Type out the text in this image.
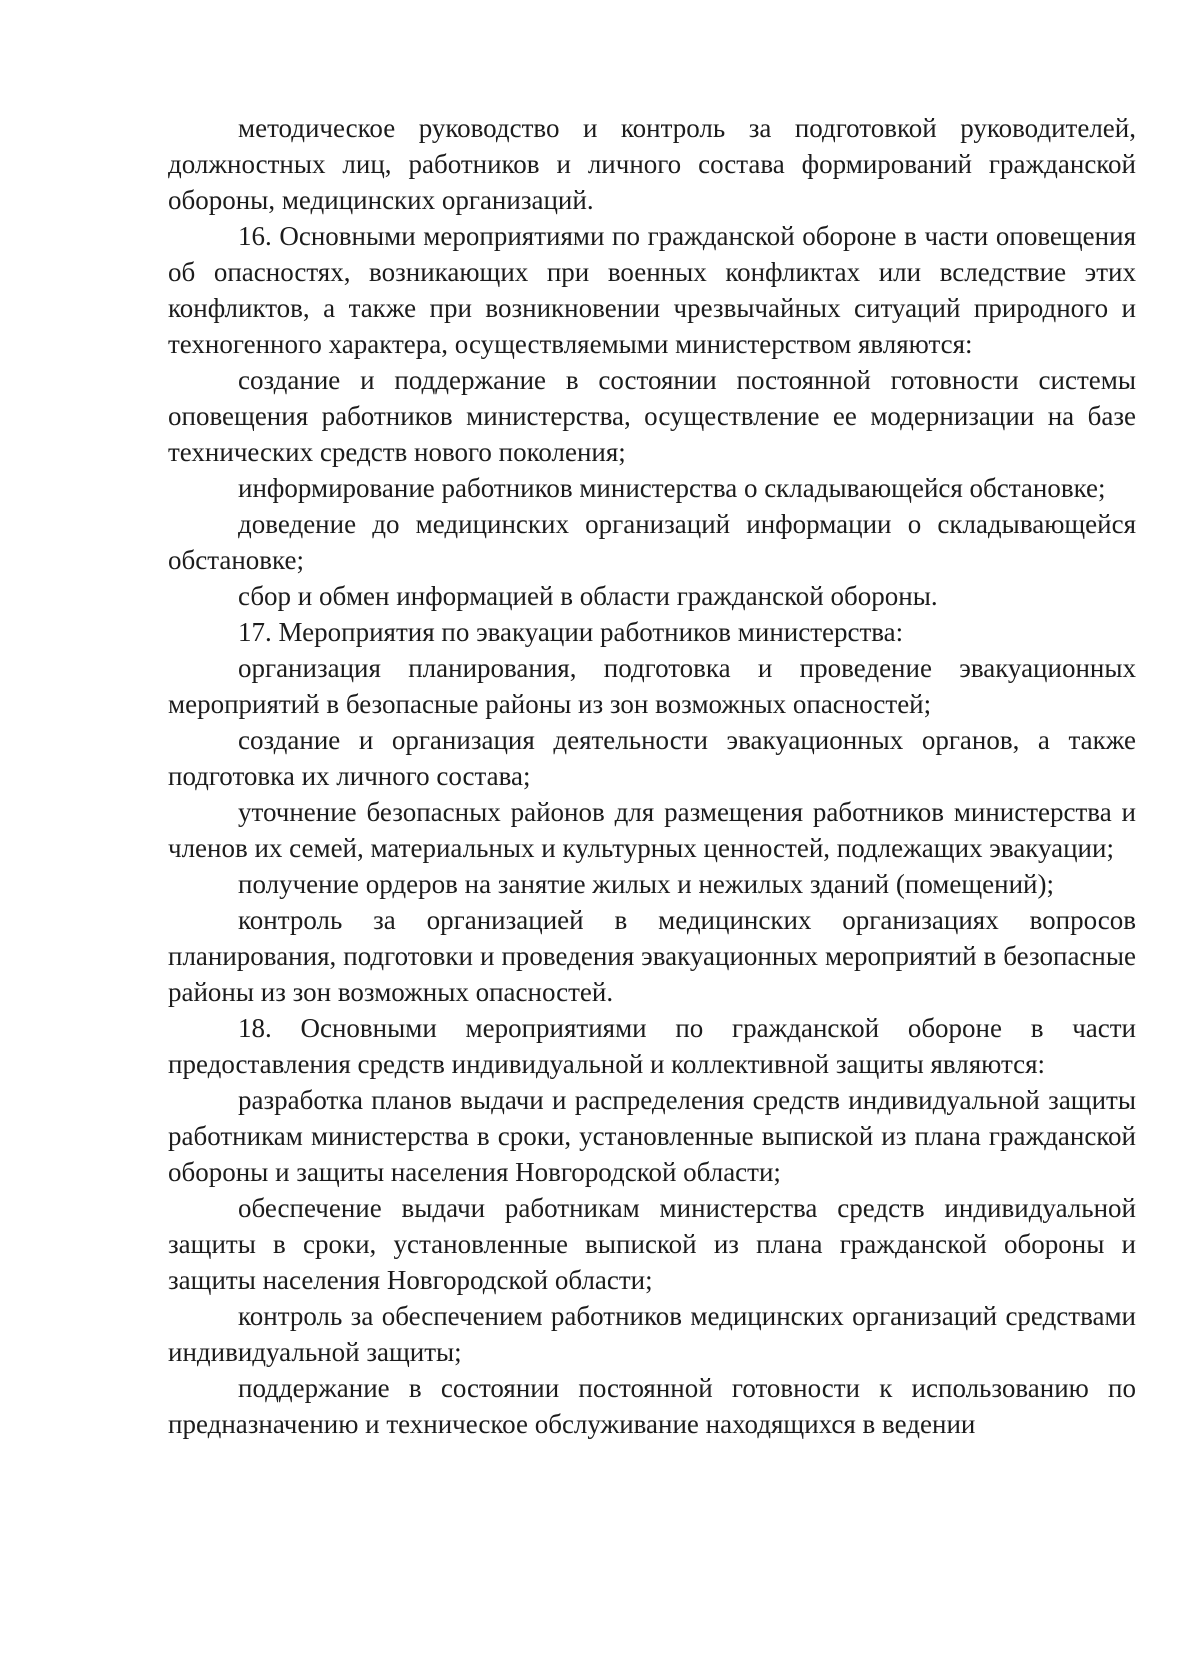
методическое руководство и контроль за подготовкой руководителей, должностных лиц, работников и личного состава формирований гражданской обороны, медицинских организаций.

16. Основными мероприятиями по гражданской обороне в части оповещения об опасностях, возникающих при военных конфликтах или вследствие этих конфликтов, а также при возникновении чрезвычайных ситуаций природного и техногенного характера, осуществляемыми министерством являются:

создание и поддержание в состоянии постоянной готовности системы оповещения работников министерства, осуществление ее модернизации на базе технических средств нового поколения;

информирование работников министерства о складывающейся обстановке;

доведение до медицинских организаций информации о складывающейся обстановке;

сбор и обмен информацией в области гражданской обороны.

17. Мероприятия по эвакуации работников министерства:

организация планирования, подготовка и проведение эвакуационных мероприятий в безопасные районы из зон возможных опасностей;

создание и организация деятельности эвакуационных органов, а также подготовка их личного состава;

уточнение безопасных районов для размещения работников министерства и членов их семей, материальных и культурных ценностей, подлежащих эвакуации;

получение ордеров на занятие жилых и нежилых зданий (помещений);

контроль за организацией в медицинских организациях вопросов планирования, подготовки и проведения эвакуационных мероприятий в безопасные районы из зон возможных опасностей.

18. Основными мероприятиями по гражданской обороне в части предоставления средств индивидуальной и коллективной защиты являются:

разработка планов выдачи и распределения средств индивидуальной защиты работникам министерства в сроки, установленные выпиской из плана гражданской обороны и защиты населения Новгородской области;

обеспечение выдачи работникам министерства средств индивидуальной защиты в сроки, установленные выпиской из плана гражданской обороны и защиты населения Новгородской области;

контроль за обеспечением работников медицинских организаций средствами индивидуальной защиты;

поддержание в состоянии постоянной готовности к использованию по предназначению и техническое обслуживание находящихся в ведении
